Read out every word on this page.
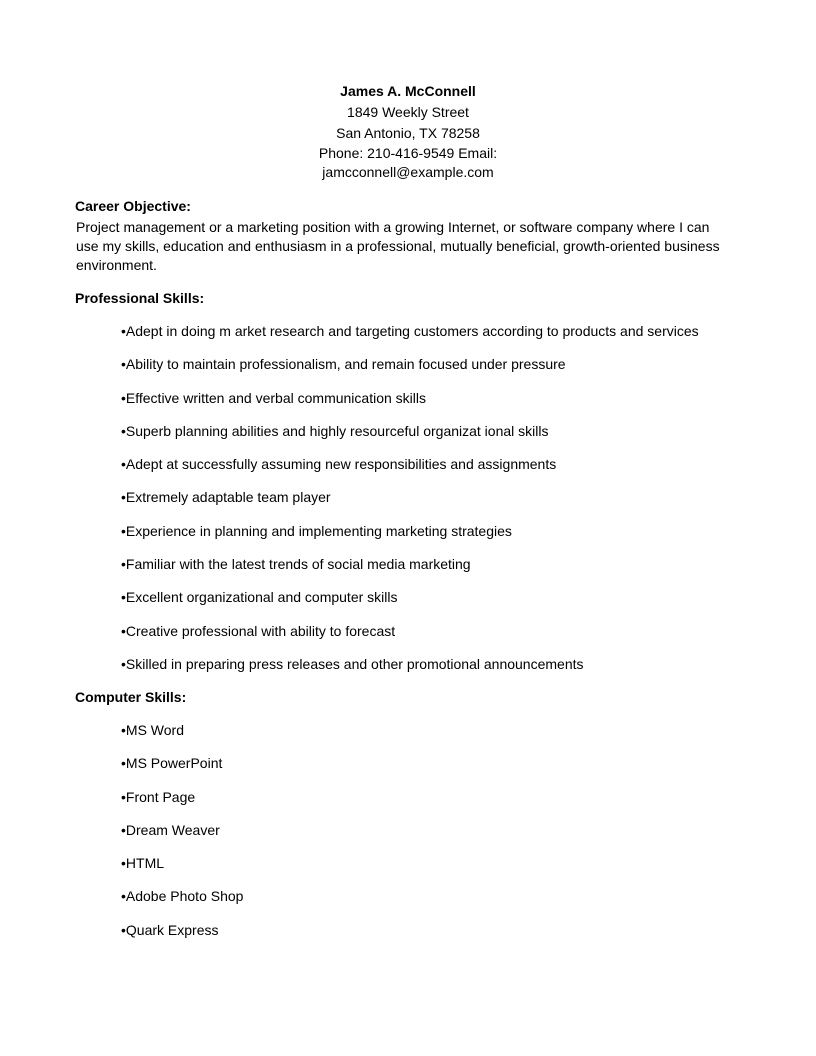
James A. McConnell
1849 Weekly Street
San Antonio, TX 78258
Phone: 210-416-9549 Email:
jamcconnell@example.com
Career Objective:
Project management or a marketing position with a growing Internet, or software company where I can use my skills, education and enthusiasm in a professional, mutually beneficial, growth-oriented business environment.
Professional Skills:
•Adept in doing m arket research and targeting customers according to products and services
•Ability to maintain professionalism, and remain focused under pressure
•Effective written and verbal communication skills
•Superb planning abilities and highly resourceful organizat ional skills
•Adept at successfully assuming new responsibilities and assignments
•Extremely adaptable team player
•Experience in planning and implementing marketing strategies
•Familiar with the latest trends of social media marketing
•Excellent organizational and computer skills
•Creative professional with ability to forecast
•Skilled in preparing press releases and other promotional announcements
Computer Skills:
•MS Word
•MS PowerPoint
•Front Page
•Dream Weaver
•HTML
•Adobe Photo Shop
•Quark Express
